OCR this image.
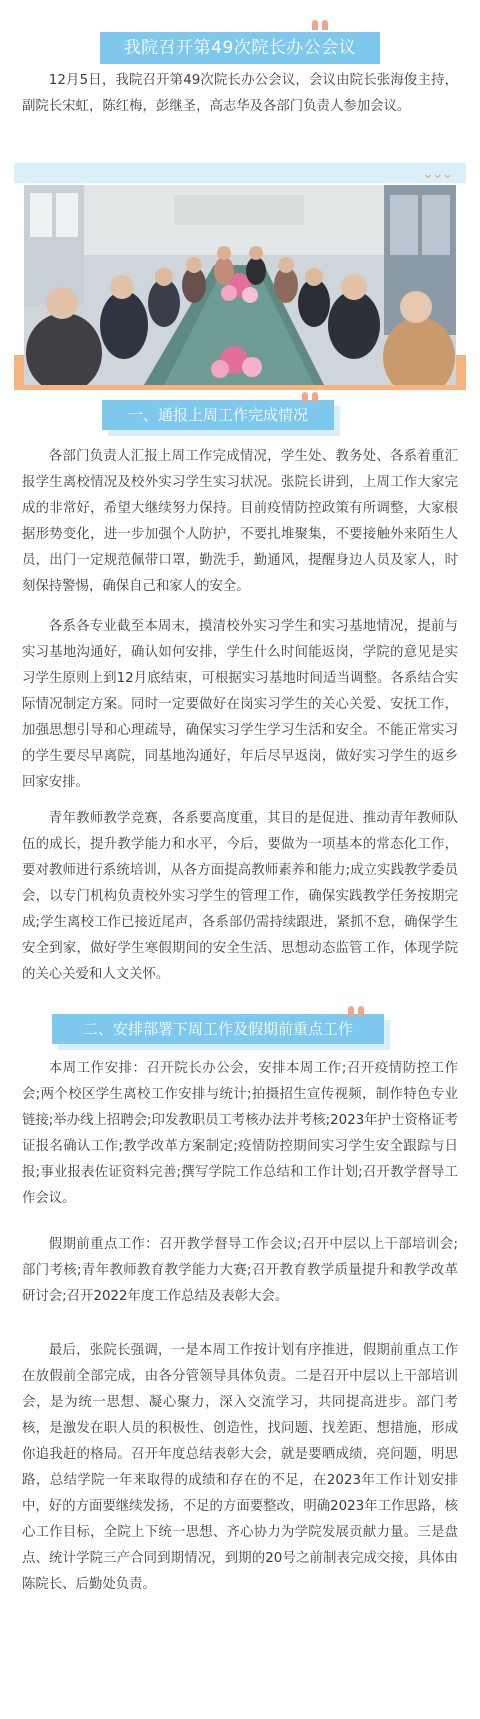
我院召开第49次院长办公会议

12月5日，我院召开第49次院长办公会议，会议由院长张海俊主持，副院长宋虹，陈红梅，彭继圣，高志华及各部门负责人参加会议。

⌄⌄⌄
一、通报上周工作完成情况

各部门负责人汇报上周工作完成情况，学生处、教务处、各系着重汇报学生离校情况及校外实习学生实习状况。张院长讲到，上周工作大家完成的非常好，希望大继续努力保持。目前疫情防控政策有所调整，大家根据形势变化，进一步加强个人防护，不要扎堆聚集，不要接触外来陌生人员，出门一定规范佩带口罩，勤洗手，勤通风，提醒身边人员及家人，时刻保持警惕，确保自己和家人的安全。

各系各专业截至本周末，摸清校外实习学生和实习基地情况，提前与实习基地沟通好，确认如何安排，学生什么时间能返岗，学院的意见是实习学生原则上到12月底结束，可根据实习基地时间适当调整。各系结合实际情况制定方案。同时一定要做好在岗实习学生的关心关爱、安抚工作，加强思想引导和心理疏导，确保实习学生学习生活和安全。不能正常实习的学生要尽早离院，同基地沟通好，年后尽早返岗，做好实习学生的返乡回家安排。

青年教师教学竞赛，各系要高度重，其目的是促进、推动青年教师队伍的成长，提升教学能力和水平，今后，要做为一项基本的常态化工作，要对教师进行系统培训，从各方面提高教师素养和能力;成立实践教学委员会，以专门机构负责校外实习学生的管理工作，确保实践教学任务按期完成;学生离校工作已接近尾声，各系部仍需持续跟进，紧抓不怠，确保学生安全到家，做好学生寒假期间的安全生活、思想动态监管工作，体现学院的关心关爱和人文关怀。

二、安排部署下周工作及假期前重点工作

本周工作安排：召开院长办公会，安排本周工作;召开疫情防控工作会;两个校区学生离校工作安排与统计;拍摄招生宣传视频，制作特色专业链接;举办线上招聘会;印发教职员工考核办法并考核;2023年护士资格证考证报名确认工作;教学改革方案制定;疫情防控期间实习学生安全跟踪与日报;事业报表佐证资料完善;撰写学院工作总结和工作计划;召开教学督导工作会议。

假期前重点工作：召开教学督导工作会议;召开中层以上干部培训会;部门考核;青年教师教育教学能力大赛;召开教育教学质量提升和教学改革研讨会;召开2022年度工作总结及表彰大会。

最后，张院长强调，一是本周工作按计划有序推进，假期前重点工作在放假前全部完成，由各分管领导具体负责。二是召开中层以上干部培训会，是为统一思想、凝心聚力，深入交流学习，共同提高进步。部门考核，是激发在职人员的积极性、创造性，找问题、找差距、想措施，形成你追我赶的格局。召开年度总结表彰大会，就是要晒成绩，亮问题，明思路，总结学院一年来取得的成绩和存在的不足，在2023年工作计划安排中，好的方面要继续发扬，不足的方面要整改，明确2023年工作思路，核心工作目标，全院上下统一思想、齐心协力为学院发展贡献力量。三是盘点、统计学院三产合同到期情况，到期的20号之前制表完成交接，具体由陈院长、后勤处负责。
